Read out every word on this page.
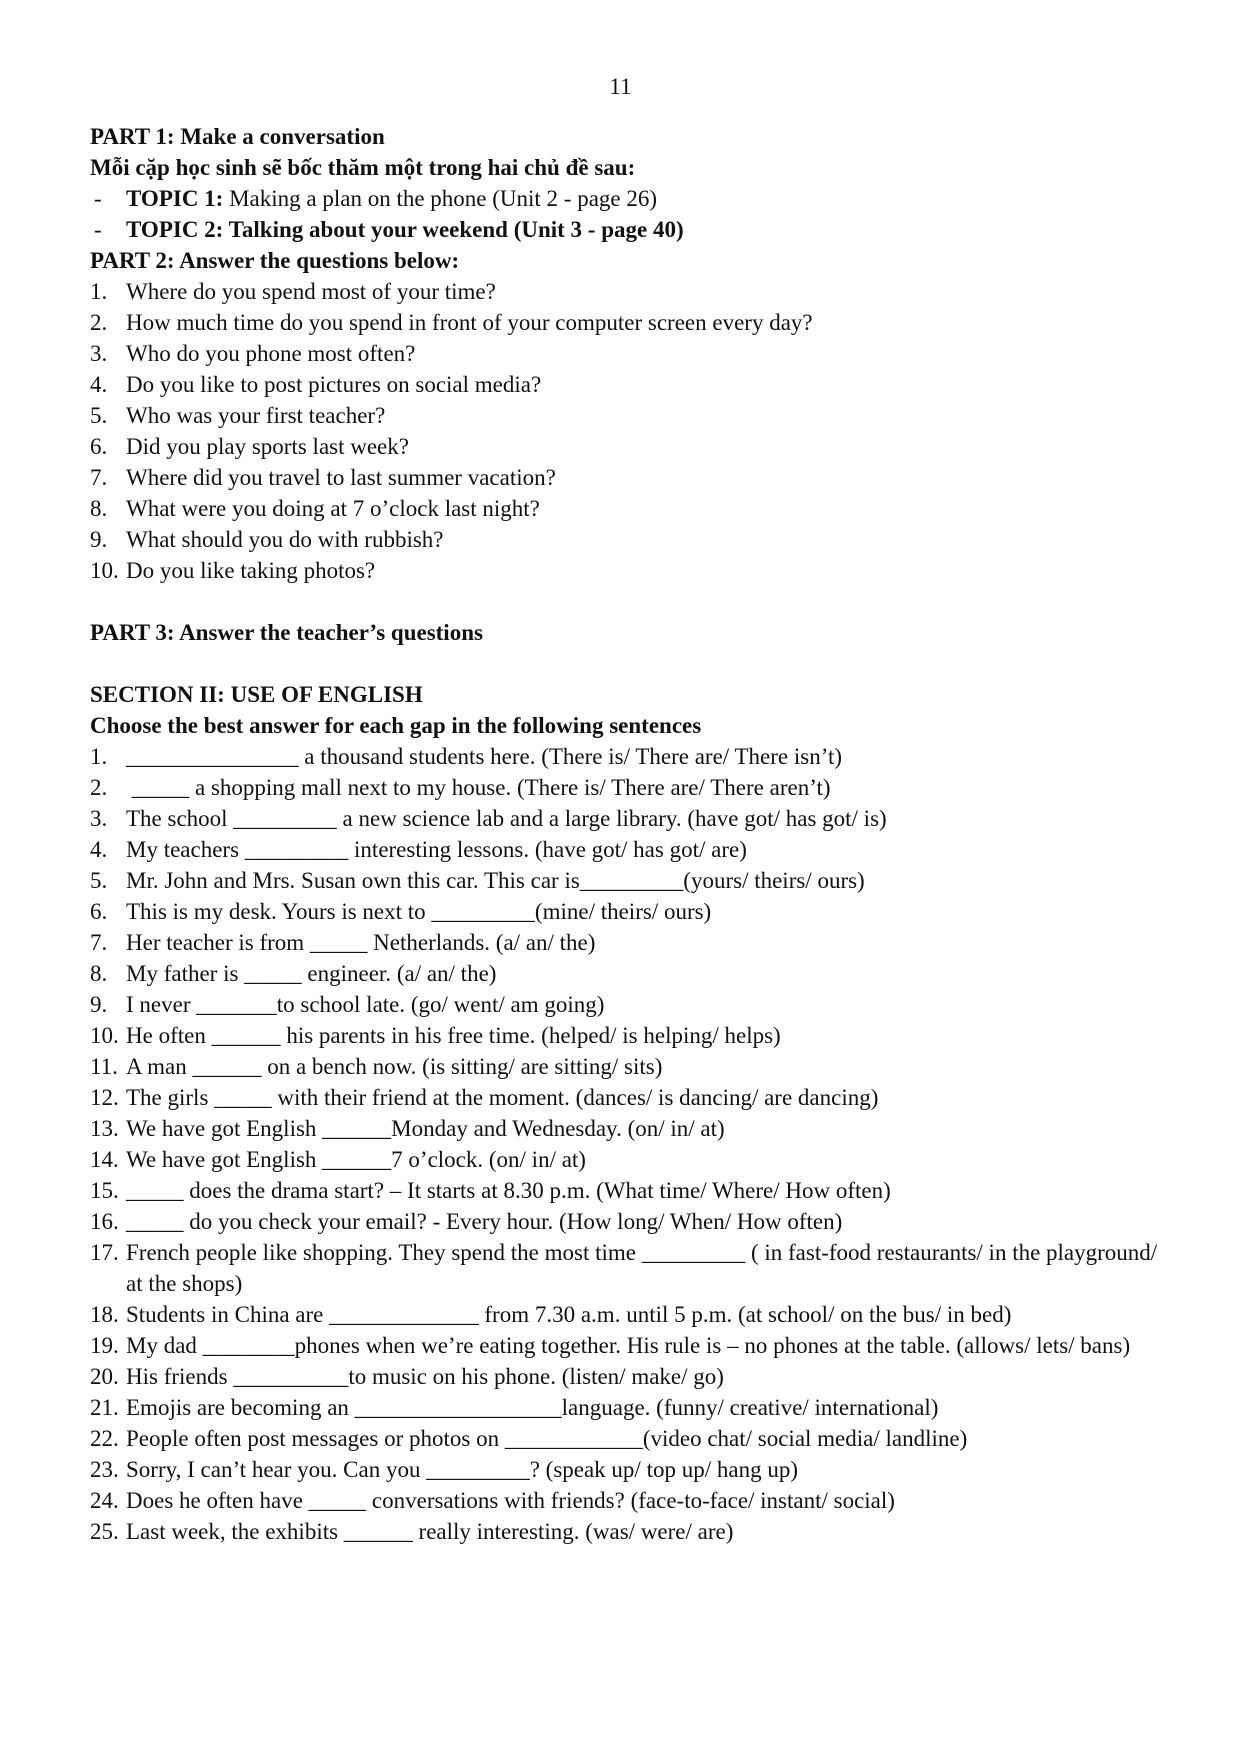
11
PART 1: Make a conversation
Mỗi cặp học sinh sẽ bốc thăm một trong hai chủ đề sau:
-	TOPIC 1: Making a plan on the phone (Unit 2 - page 26)
-	TOPIC 2: Talking about your weekend (Unit 3 - page 40)
PART 2: Answer the questions below:
1. Where do you spend most of your time?
2. How much time do you spend in front of your computer screen every day?
3. Who do you phone most often?
4. Do you like to post pictures on social media?
5. Who was your first teacher?
6. Did you play sports last week?
7. Where did you travel to last summer vacation?
8. What were you doing at 7 o’clock last night?
9. What should you do with rubbish?
10. Do you like taking photos?
PART 3: Answer the teacher’s questions
SECTION II: USE OF ENGLISH
Choose the best answer for each gap in the following sentences
1. _______________ a thousand students here. (There is/ There are/ There isn’t)
2. _____ a shopping mall next to my house. (There is/ There are/ There aren’t)
3. The school _________ a new science lab and a large library. (have got/ has got/ is)
4. My teachers _________ interesting lessons. (have got/ has got/ are)
5. Mr. John and Mrs. Susan own this car. This car is_________(yours/ theirs/ ours)
6. This is my desk. Yours is next to _________(mine/ theirs/ ours)
7. Her teacher is from _____ Netherlands. (a/ an/ the)
8. My father is _____ engineer. (a/ an/ the)
9. I never _______to school late. (go/ went/ am going)
10. He often ______ his parents in his free time. (helped/ is helping/ helps)
11. A man ______ on a bench now. (is sitting/ are sitting/ sits)
12. The girls _____ with their friend at the moment. (dances/ is dancing/ are dancing)
13. We have got English ______Monday and Wednesday. (on/ in/ at)
14. We have got English ______7 o’clock. (on/ in/ at)
15. _____ does the drama start? – It starts at 8.30 p.m. (What time/ Where/ How often)
16. _____ do you check your email? - Every hour. (How long/ When/ How often)
17. French people like shopping. They spend the most time _________ ( in fast-food restaurants/ in the playground/ at the shops)
18. Students in China are _____________ from 7.30 a.m. until 5 p.m. (at school/ on the bus/ in bed)
19. My dad ________phones when we’re eating together. His rule is – no phones at the table. (allows/ lets/ bans)
20. His friends __________to music on his phone. (listen/ make/ go)
21. Emojis are becoming an __________________language. (funny/ creative/ international)
22. People often post messages or photos on ____________(video chat/ social media/ landline)
23. Sorry, I can’t hear you. Can you _________? (speak up/ top up/ hang up)
24. Does he often have _____ conversations with friends? (face-to-face/ instant/ social)
25. Last week, the exhibits ______ really interesting. (was/ were/ are)
